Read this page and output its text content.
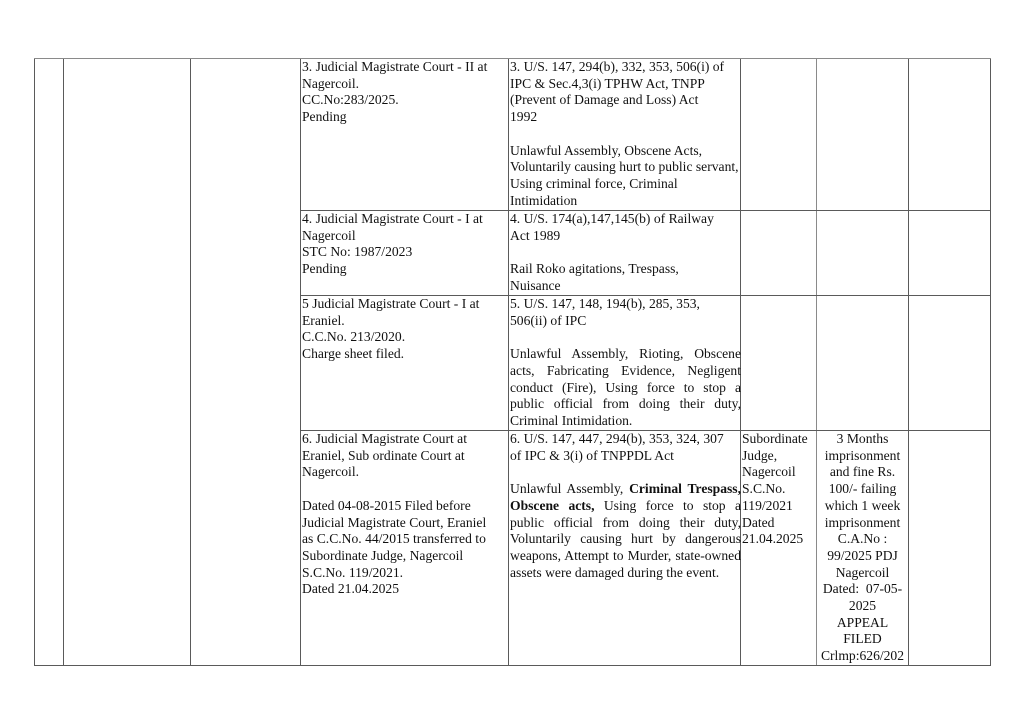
3. Judicial Magistrate Court - II at

Nagercoil.

CC.No:283/2025.

Pending

3. U/S. 147, 294(b), 332, 353, 506(i) of

IPC & Sec.4,3(i) TPHW Act, TNPP

(Prevent of Damage and Loss) Act

1992

Unlawful Assembly, Obscene Acts, Voluntarily causing hurt to public servant, Using criminal force, Criminal Intimidation

4. Judicial Magistrate Court - I at

Nagercoil

STC No: 1987/2023

Pending

4. U/S. 174(a),147,145(b) of Railway

Act 1989

Rail Roko agitations, Trespass, Nuisance

5 Judicial Magistrate Court - I at

Eraniel.

C.C.No. 213/2020.

Charge sheet filed.

5. U/S. 147, 148, 194(b), 285, 353,

506(ii) of IPC

Unlawful Assembly, Rioting, Obscene acts, Fabricating Evidence, Negligent conduct (Fire), Using force to stop a public official from doing their duty, Criminal Intimidation.

6. Judicial Magistrate Court at

Eraniel, Sub ordinate Court at

Nagercoil.

Dated 04-08-2015 Filed before

Judicial Magistrate Court, Eraniel

as C.C.No. 44/2015 transferred to

Subordinate Judge, Nagercoil

S.C.No. 119/2021.

Dated 21.04.2025

6. U/S. 147, 447, 294(b), 353, 324, 307

of IPC & 3(i) of TNPPDL Act

Unlawful Assembly, Criminal Trespass, Obscene acts, Using force to stop a public official from doing their duty, Voluntarily causing hurt by dangerous weapons, Attempt to Murder, state-owned assets were damaged during the event.

Subordinate

Judge,

Nagercoil

S.C.No.

119/2021

Dated

21.04.2025

3 Months

imprisonment

and fine Rs.

100/- failing

which 1 week

imprisonment

C.A.No :

99/2025 PDJ

Nagercoil

Dated:  07-05-

2025

APPEAL

FILED

Crlmp:626/202
